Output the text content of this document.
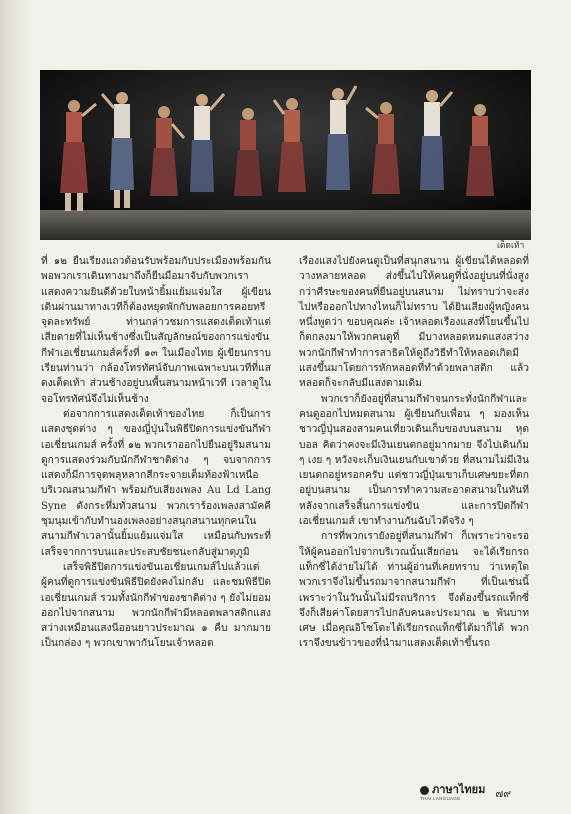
เต็ดเท้า

ที่ ๑๒ ยืนเรียงแถวต้อนรับพร้อมกับประเมืองพร้อมกัน พอพวกเราเดินทางมาถึงก็ยืนมือมาจับกับพวกเรา แสดงความยินดีด้วยใบหน้ายิ้มแย้มแจ่มใส ผู้เขียนเดินผ่านมาทางเวทีก็ต้องหยุดพักกับพลอยการคอยทรีจุดละทรัพย์ ท่านกล่าวชมการแสดงเต็ดเท้าแต่เสียดายที่ไม่เห็นช้างซึ่งเป็นสัญลักษณ์ของการแข่งขันกีฬาเอเชี่ยนเกมส์ครั้งที่ ๑๓ ในเมืองไทย ผู้เขียนกราบเรียนท่านว่า กล้องโทรทัศน์จับภาพเฉพาะบนเวทีที่แสดงเต็ดเท้า ส่วนช้างอยู่บนพื้นสนามหน้าเวที เวลาดูในจอโทรทัศน์จึงไม่เห็นช้าง

ต่อจากการแสดงเต็ดเท้าของไทย ก็เป็นการแสดงชุดต่าง ๆ ของญี่ปุ่นในพิธีปิดการแข่งขันกีฬาเอเชี่ยนเกมส์ ครั้งที่ ๑๒ พวกเราออกไปยืนอยู่ริมสนามดูการแสดงร่วมกับนักกีฬาชาติต่าง ๆ จบจากการแสดงก็มีการจุดพลุหลากสีกระจายเต็มท้องฟ้าเหนือบริเวณสนามกีฬา พร้อมกับเสียงเพลง Au Ld Lang Syne ดังกระหึ่มทั่วสนาม พวกเราร้องเพลงสามัคคีชุมนุมเข้ากับทำนองเพลงอย่างสนุกสนานทุกคนในสนามกีฬาเวลานั้นยิ้มแย้มแจ่มใส เหมือนกับพระที่เสร็จจากการบนและประสบชัยชนะกลับสู่มาตุภูมิ

เสร็จพิธีปิดการแข่งขันเอเชี่ยนเกมส์ไปแล้วแต่ผู้คนที่ดูการแข่งขันพิธีปิดยังคงไม่กลับ และชมพิธีปิดเอเชี่ยนเกมส์ รวมทั้งนักกีฬาของชาติต่าง ๆ ยังไม่ยอมออกไปจากสนาม พวกนักกีฬามีหลอดพลาสติกแสงสว่างเหมือนแสงนีออนยาวประมาณ ๑ คืบ มากมายเป็นกล่อง ๆ พวกเขาพากันโยนเจ้าหลอด

เรืองแสงไปยังคนดูเป็นที่สนุกสนาน ผู้เขียนได้หลอดที่วางหลายหลอด ส่งขึ้นไปให้คนดูที่นั่งอยู่บนที่นั่งสูงกว่าศีรษะของคนที่ยืนอยู่บนสนาม ไม่ทราบว่าจะส่งไปหรือออกไปทางไหนก็ไม่ทราบ ได้ยินเสียงผู้หญิงคนหนึ่งพูดว่า ขอบคุณค่ะ เจ้าหลอดเรืองแสงที่โยนขึ้นไปก็ตกลงมาให้พวกคนดูที่ มีบางหลอดหมดแสงสว่าง พวกนักกีฬาทำการสาธิตให้ดูถึงวิธีทำให้หลอดเกิดมีแสงขึ้นมาโดยการหักหลอดที่ทำด้วยพลาสติก แล้วหลอดก็จะกลับมีแสงตามเดิม

พวกเราก็ยังอยู่ที่สนามกีฬาจนกระทั่งนักกีฬาและคนดูออกไปหมดสนาม ผู้เขียนกับเพื่อน ๆ มองเห็นชาวญี่ปุ่นสองสามคนเที่ยวเดินเก็บของบนสนาม หุดบอล คิดว่าคงจะมีเงินเยนตกอยู่มากมาย จึงไปเดินก้ม ๆ เงย ๆ หวังจะเก็บเงินเยนกับเขาด้วย ที่สนามไม่มีเงินเยนตกอยู่หรอกครับ แต่ชาวญี่ปุ่นเขาเก็บเศษขยะที่ตกอยู่บนสนาม เป็นการทำความสะอาดสนามในทันทีหลังจากเสร็จสิ้นการแข่งขัน และการปิดกีฬาเอเชี่ยนเกมส์ เขาทำงานกันฉับไวดีจริง ๆ

การที่พวกเรายังอยู่ที่สนามกีฬา ก็เพราะว่าจะรอให้ผู้คนออกไปจากบริเวณนั้นเสียก่อน จะได้เรียกรถแท็กซี่ได้ง่ายไม่ได้ ท่านผู้อ่านที่เคยทราบ ว่าเหตุใดพวกเราจึงไม่ขึ้นรถมาจากสนามกีฬา ที่เป็นเช่นนี้เพราะว่าในวันนั้นไม่มีรถบริการ จึงต้องขึ้นรถแท็กซี่จึงก็เสียค่าโดยสารไปกลับคนละประมาณ ๒ พันบาทเศษ เมื่อคุณอิโซโดะได้เรียกรถแท็กซี่ได้มาก็ได้ พวกเราจึงขนข้าวของที่นำมาแสดงเต็ดเท้าขึ้นรถ

ภาษาไทยม
THAI LANGUAGE	๗๙
